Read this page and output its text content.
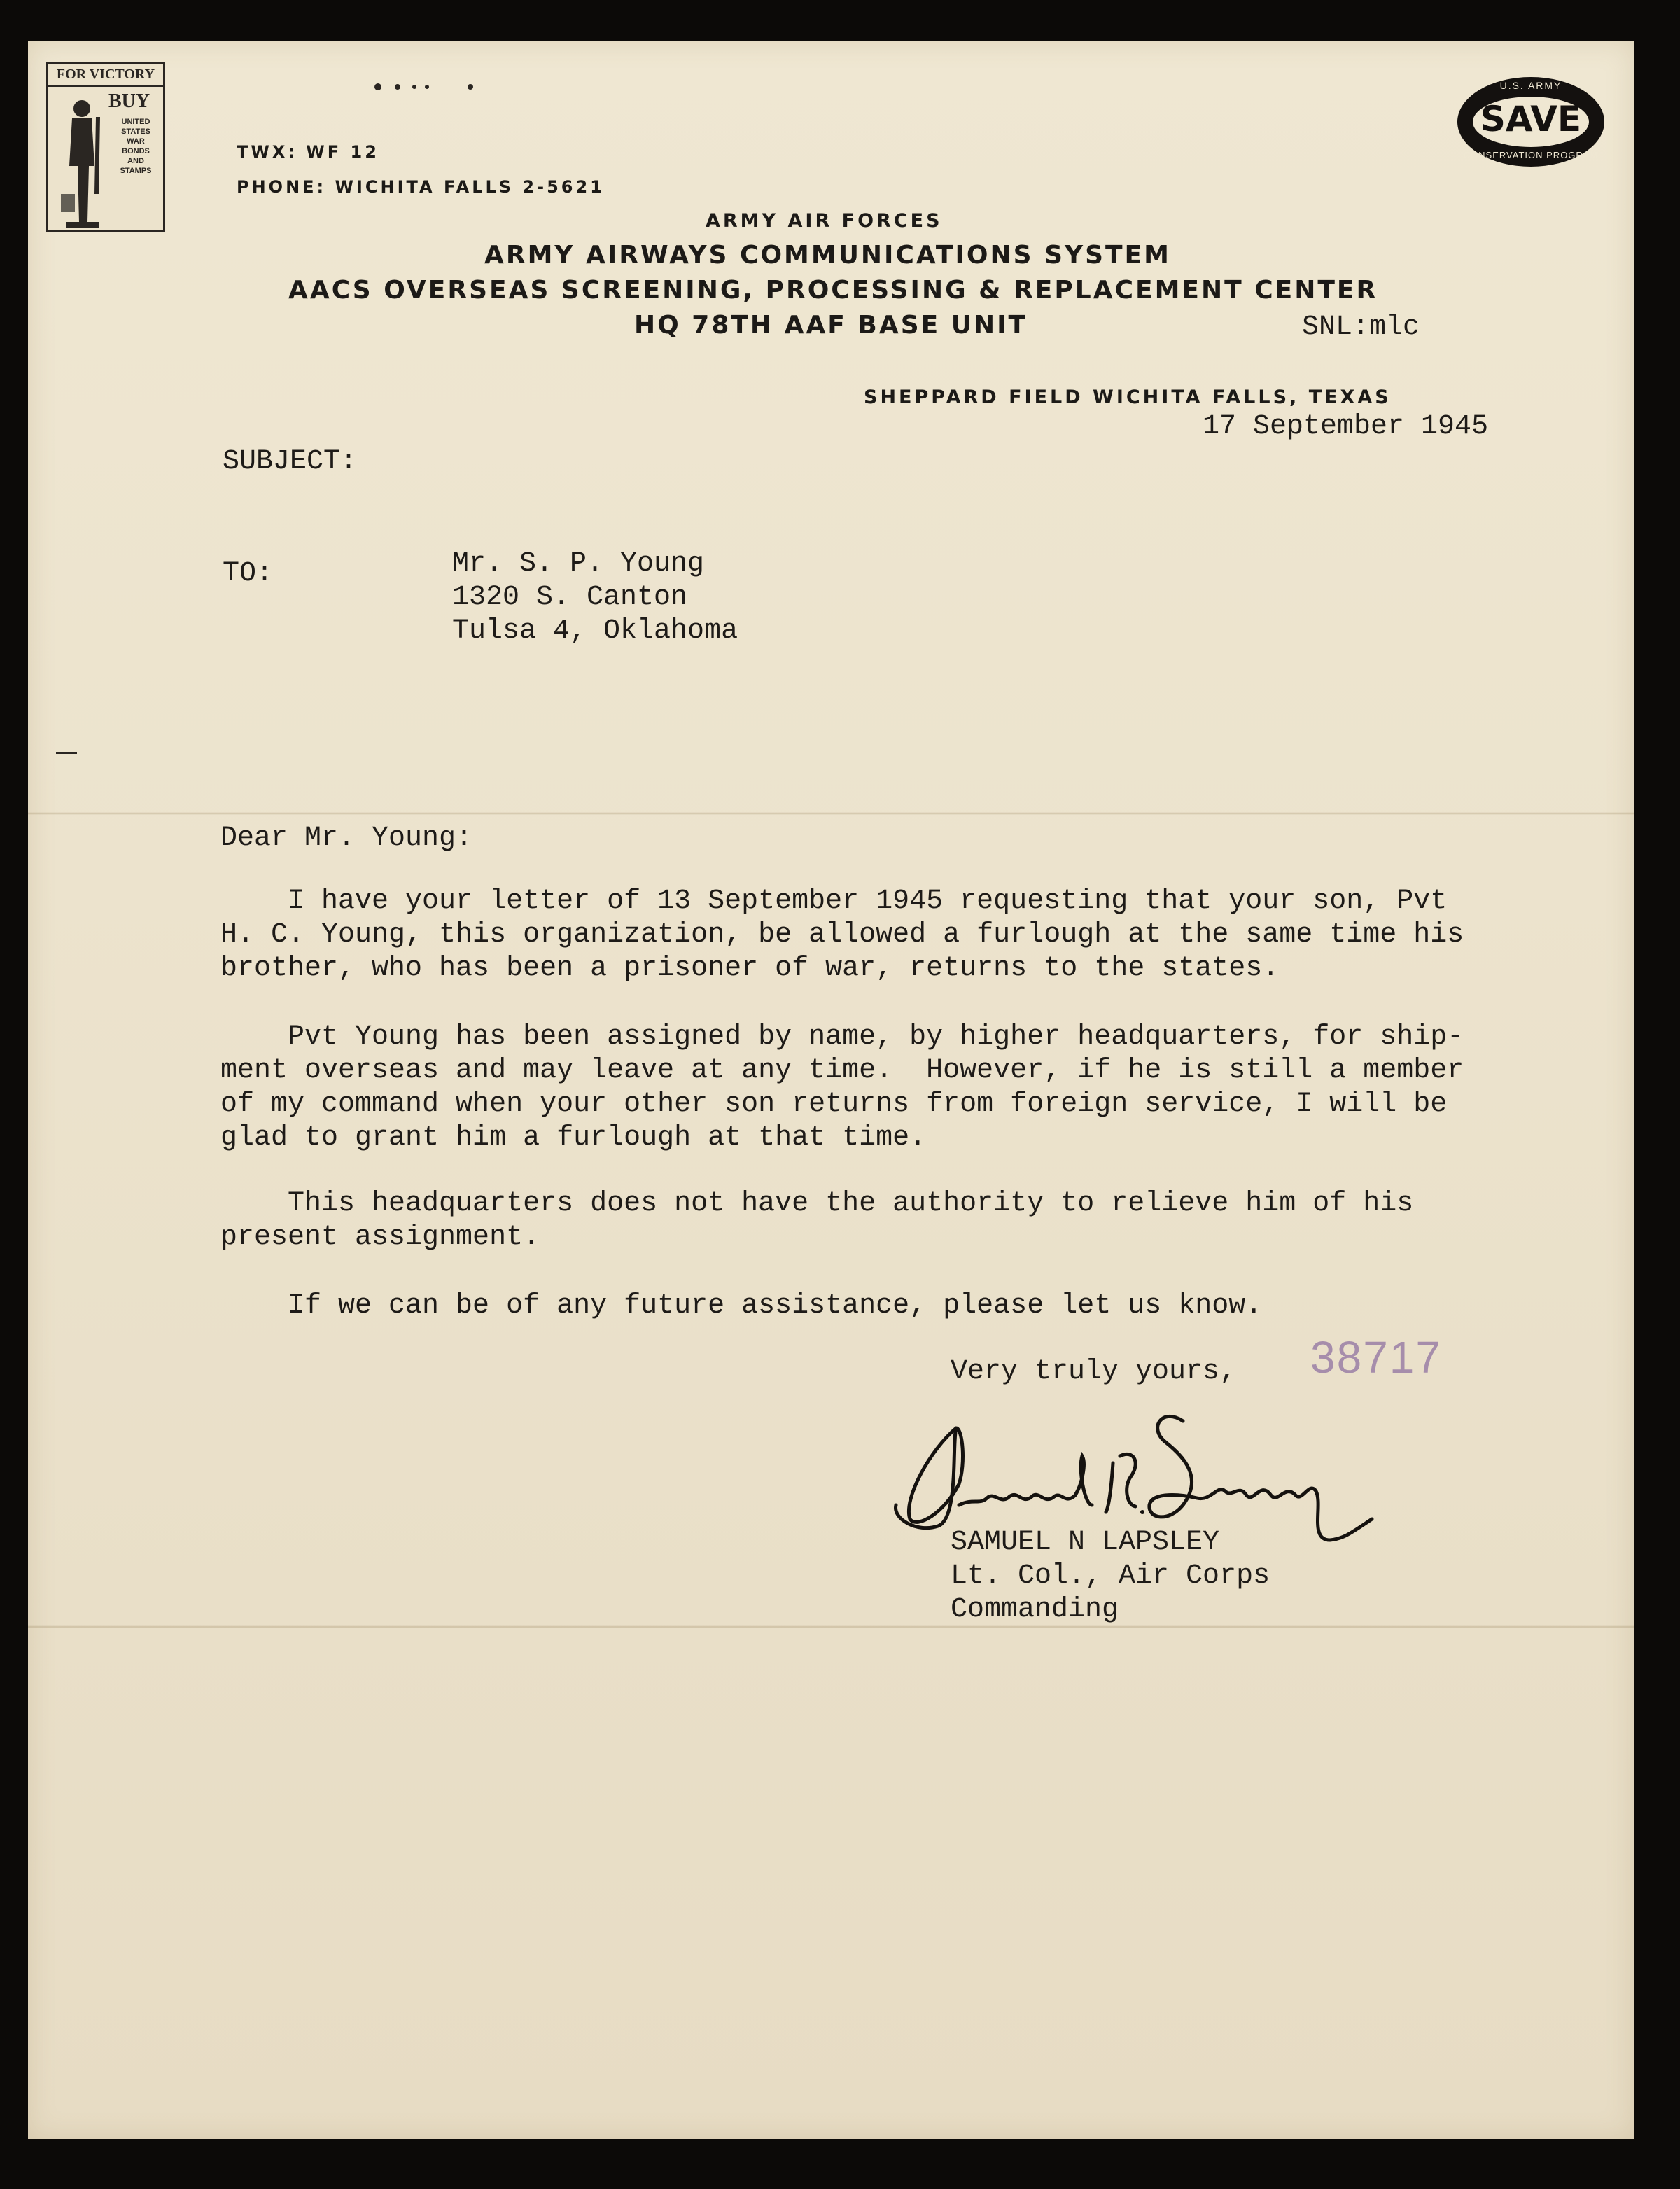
FOR VICTORY
BUY
UNITED
STATES
WAR
BONDS
AND
STAMPS
U.S. ARMY
SAVE
CONSERVATION PROGRAM
TWX: WF 12
PHONE: WICHITA FALLS 2-5621
ARMY AIR FORCES
ARMY AIRWAYS COMMUNICATIONS SYSTEM
AACS OVERSEAS SCREENING, PROCESSING & REPLACEMENT CENTER
HQ 78TH AAF BASE UNIT	SNL:mlc
SHEPPARD FIELD WICHITA FALLS, TEXAS
17 September 1945
SUBJECT:
TO:	Mr. S. P. Young
1320 S. Canton
Tulsa 4, Oklahoma
Dear Mr. Young:
I have your letter of 13 September 1945 requesting that your son, Pvt
H. C. Young, this organization, be allowed a furlough at the same time his
brother, who has been a prisoner of war, returns to the states.
Pvt Young has been assigned by name, by higher headquarters, for ship-
ment overseas and may leave at any time.  However, if he is still a member
of my command when your other son returns from foreign service, I will be
glad to grant him a furlough at that time.
This headquarters does not have the authority to relieve him of his
present assignment.
If we can be of any future assistance, please let us know.
Very truly yours, 38717
SAMUEL N LAPSLEY
Lt. Col., Air Corps
Commanding
